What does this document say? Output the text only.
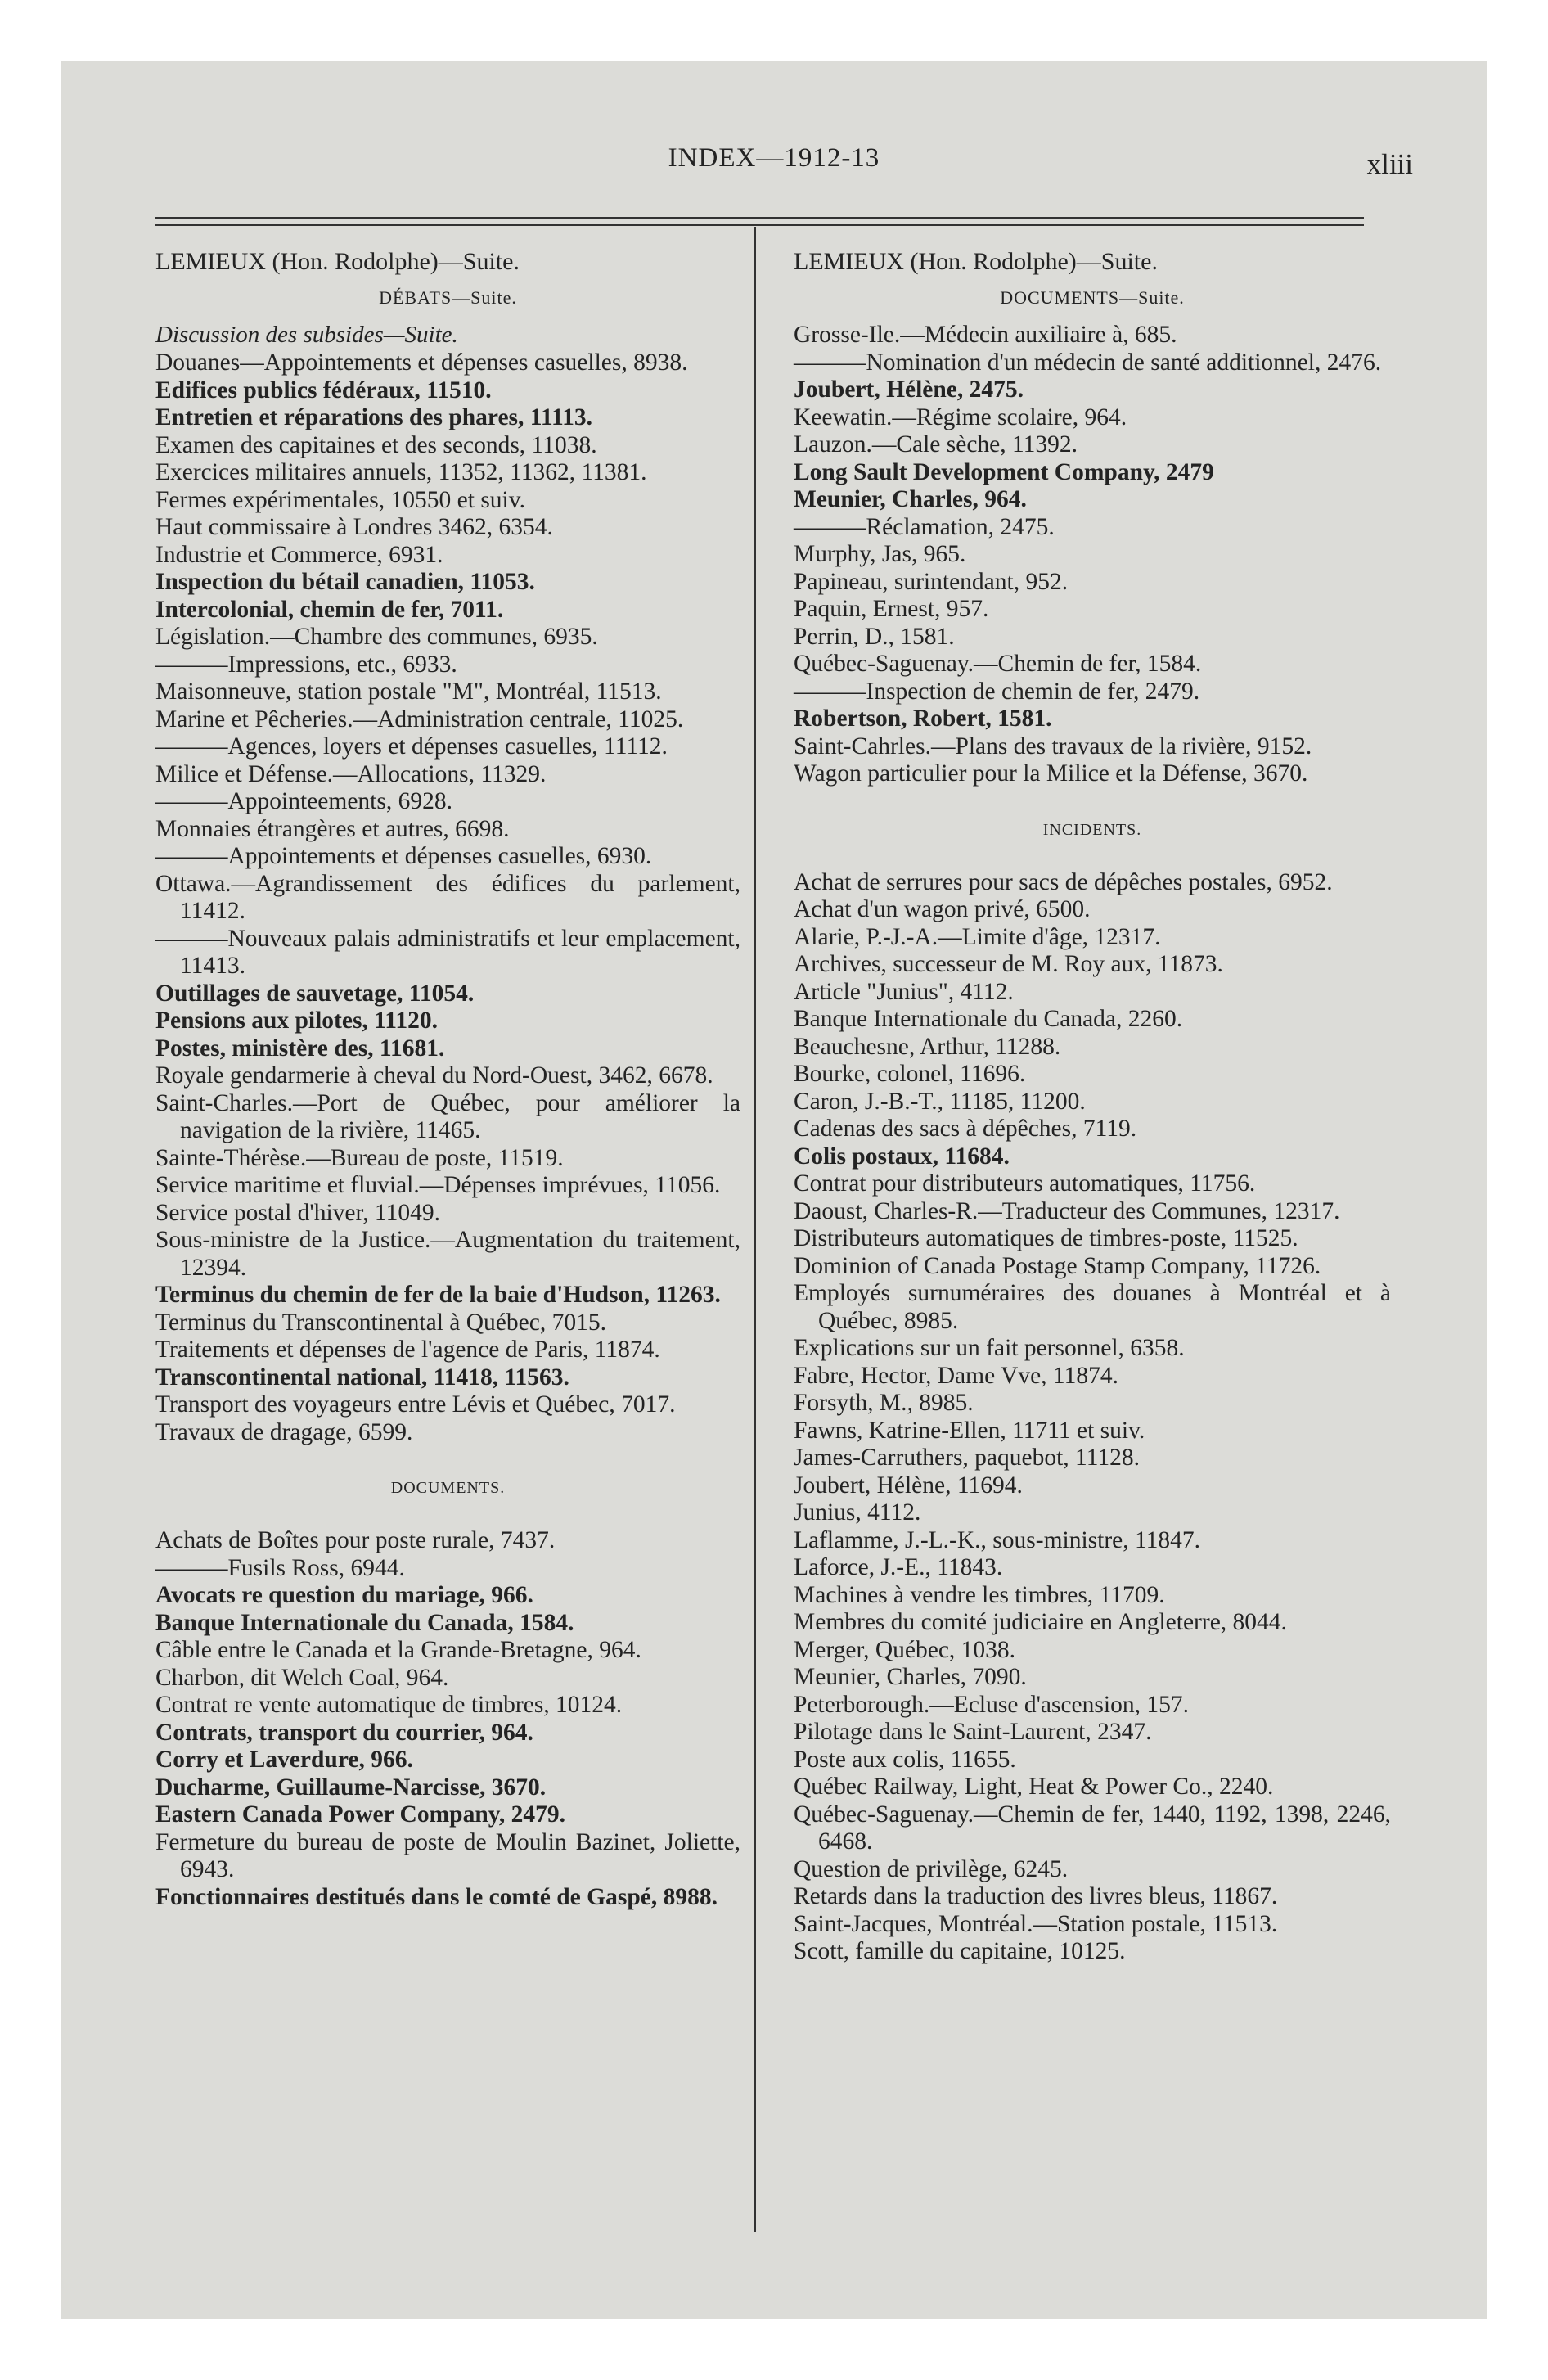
INDEX—1912-13	xliii
LEMIEUX (Hon. Rodolphe)—Suite.
DÉBATS—Suite.
Discussion des subsides—Suite.

Douanes—Appointements et dépenses casuelles, 8938.

Edifices publics fédéraux, 11510.

Entretien et réparations des phares, 11113.

Examen des capitaines et des seconds, 11038.

Exercices militaires annuels, 11352, 11362, 11381.

Fermes expérimentales, 10550 et suiv.

Haut commissaire à Londres 3462, 6354.

Industrie et Commerce, 6931.

Inspection du bétail canadien, 11053.

Intercolonial, chemin de fer, 7011.

Législation.—Chambre des communes, 6935.

———Impressions, etc., 6933.

Maisonneuve, station postale "M", Montréal, 11513.

Marine et Pêcheries.—Administration centrale, 11025.

———Agences, loyers et dépenses casuelles, 11112.

Milice et Défense.—Allocations, 11329.

———Appointeements, 6928.

Monnaies étrangères et autres, 6698.

———Appointements et dépenses casuelles, 6930.

Ottawa.—Agrandissement des édifices du parlement, 11412.

———Nouveaux palais administratifs et leur emplacement, 11413.

Outillages de sauvetage, 11054.

Pensions aux pilotes, 11120.

Postes, ministère des, 11681.

Royale gendarmerie à cheval du Nord-Ouest, 3462, 6678.

Saint-Charles.—Port de Québec, pour améliorer la navigation de la rivière, 11465.

Sainte-Thérèse.—Bureau de poste, 11519.

Service maritime et fluvial.—Dépenses imprévues, 11056.

Service postal d'hiver, 11049.

Sous-ministre de la Justice.—Augmentation du traitement, 12394.

Terminus du chemin de fer de la baie d'Hudson, 11263.

Terminus du Transcontinental à Québec, 7015.

Traitements et dépenses de l'agence de Paris, 11874.

Transcontinental national, 11418, 11563.

Transport des voyageurs entre Lévis et Québec, 7017.

Travaux de dragage, 6599.

DOCUMENTS.

Achats de Boîtes pour poste rurale, 7437.

———Fusils Ross, 6944.

Avocats re question du mariage, 966.

Banque Internationale du Canada, 1584.

Câble entre le Canada et la Grande-Bretagne, 964.

Charbon, dit Welch Coal, 964.

Contrat re vente automatique de timbres, 10124.

Contrats, transport du courrier, 964.

Corry et Laverdure, 966.

Ducharme, Guillaume-Narcisse, 3670.

Eastern Canada Power Company, 2479.

Fermeture du bureau de poste de Moulin Bazinet, Joliette, 6943.

Fonctionnaires destitués dans le comté de Gaspé, 8988.

LEMIEUX (Hon. Rodolphe)—Suite.
DOCUMENTS—Suite.

Grosse-Ile.—Médecin auxiliaire à, 685.

———Nomination d'un médecin de santé additionnel, 2476.

Joubert, Hélène, 2475.

Keewatin.—Régime scolaire, 964.

Lauzon.—Cale sèche, 11392.

Long Sault Development Company, 2479

Meunier, Charles, 964.

———Réclamation, 2475.

Murphy, Jas, 965.

Papineau, surintendant, 952.

Paquin, Ernest, 957.

Perrin, D., 1581.

Québec-Saguenay.—Chemin de fer, 1584.

———Inspection de chemin de fer, 2479.

Robertson, Robert, 1581.

Saint-Cahrles.—Plans des travaux de la rivière, 9152.

Wagon particulier pour la Milice et la Défense, 3670.

INCIDENTS.

Achat de serrures pour sacs de dépêches postales, 6952.

Achat d'un wagon privé, 6500.

Alarie, P.-J.-A.—Limite d'âge, 12317.

Archives, successeur de M. Roy aux, 11873.

Article "Junius", 4112.

Banque Internationale du Canada, 2260.

Beauchesne, Arthur, 11288.

Bourke, colonel, 11696.

Caron, J.-B.-T., 11185, 11200.

Cadenas des sacs à dépêches, 7119.

Colis postaux, 11684.

Contrat pour distributeurs automatiques, 11756.

Daoust, Charles-R.—Traducteur des Communes, 12317.

Distributeurs automatiques de timbres-poste, 11525.

Dominion of Canada Postage Stamp Company, 11726.

Employés surnuméraires des douanes à Montréal et à Québec, 8985.

Explications sur un fait personnel, 6358.

Fabre, Hector, Dame Vve, 11874.

Forsyth, M., 8985.

Fawns, Katrine-Ellen, 11711 et suiv.

James-Carruthers, paquebot, 11128.

Joubert, Hélène, 11694.

Junius, 4112.

Laflamme, J.-L.-K., sous-ministre, 11847.

Laforce, J.-E., 11843.

Machines à vendre les timbres, 11709.

Membres du comité judiciaire en Angleterre, 8044.

Merger, Québec, 1038.

Meunier, Charles, 7090.

Peterborough.—Ecluse d'ascension, 157.

Pilotage dans le Saint-Laurent, 2347.

Poste aux colis, 11655.

Québec Railway, Light, Heat & Power Co., 2240.

Québec-Saguenay.—Chemin de fer, 1440, 1192, 1398, 2246, 6468.

Question de privilège, 6245.

Retards dans la traduction des livres bleus, 11867.

Saint-Jacques, Montréal.—Station postale, 11513.

Scott, famille du capitaine, 10125.
